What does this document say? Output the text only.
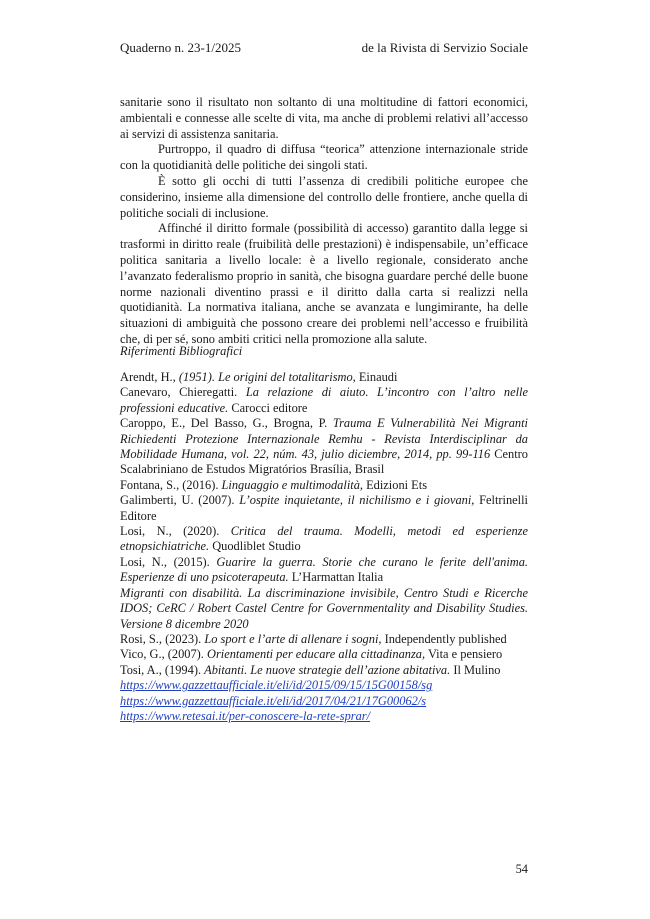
Quaderno n. 23-1/2025	de la Rivista di Servizio Sociale

sanitarie sono il risultato non soltanto di una moltitudine di fattori economici, ambientali e connesse alle scelte di vita, ma anche di problemi relativi all’accesso ai servizi di assistenza sanitaria.

Purtroppo, il quadro di diffusa “teorica” attenzione internazionale stride con la quotidianità delle politiche dei singoli stati.

È sotto gli occhi di tutti l’assenza di credibili politiche europee che considerino, insieme alla dimensione del controllo delle frontiere, anche quella di politiche sociali di inclusione.

Affinché il diritto formale (possibilità di accesso) garantito dalla legge si trasformi in diritto reale (fruibilità delle prestazioni) è indispensabile, un’efficace politica sanitaria a livello locale: è a livello regionale, considerato anche l’avanzato federalismo proprio in sanità, che bisogna guardare perché delle buone norme nazionali diventino prassi e il diritto dalla carta si realizzi nella quotidianità. La normativa italiana, anche se avanzata e lungimirante, ha delle situazioni di ambiguità che possono creare dei problemi nell’accesso e fruibilità che, di per sé, sono ambiti critici nella promozione alla salute.

Riferimenti Bibliografici

Arendt, H., (1951). Le origini del totalitarismo, Einaudi

Canevaro, Chieregatti. La relazione di aiuto. L’incontro con l’altro nelle professioni educative. Carocci editore

Caroppo, E., Del Basso, G., Brogna, P. Trauma E Vulnerabilità Nei Migranti Richiedenti Protezione Internazionale Remhu - Revista Interdisciplinar da Mobilidade Humana, vol. 22, núm. 43, julio diciembre, 2014, pp. 99-116 Centro Scalabriniano de Estudos Migratórios Brasília, Brasil

Fontana, S., (2016). Linguaggio e multimodalità, Edizioni Ets

Galimberti, U. (2007). L’ospite inquietante, il nichilismo e i giovani, Feltrinelli Editore

Losi, N., (2020). Critica del trauma. Modelli, metodi ed esperienze etnopsichiatriche. Quodliblet Studio

Losi, N., (2015). Guarire la guerra. Storie che curano le ferite dell'anima. Esperienze di uno psicoterapeuta. L’Harmattan Italia

Migranti con disabilità. La discriminazione invisibile, Centro Studi e Ricerche IDOS; CeRC / Robert Castel Centre for Governmentality and Disability Studies. Versione 8 dicembre 2020

Rosi, S., (2023). Lo sport e l’arte di allenare i sogni, Independently published

Vico, G., (2007). Orientamenti per educare alla cittadinanza, Vita e pensiero

Tosi, A., (1994). Abitanti. Le nuove strategie dell’azione abitativa. Il Mulino

https://www.gazzettaufficiale.it/eli/id/2015/09/15/15G00158/sg
https://www.gazzettaufficiale.it/eli/id/2017/04/21/17G00062/s
https://www.retesai.it/per-conoscere-la-rete-sprar/
54
